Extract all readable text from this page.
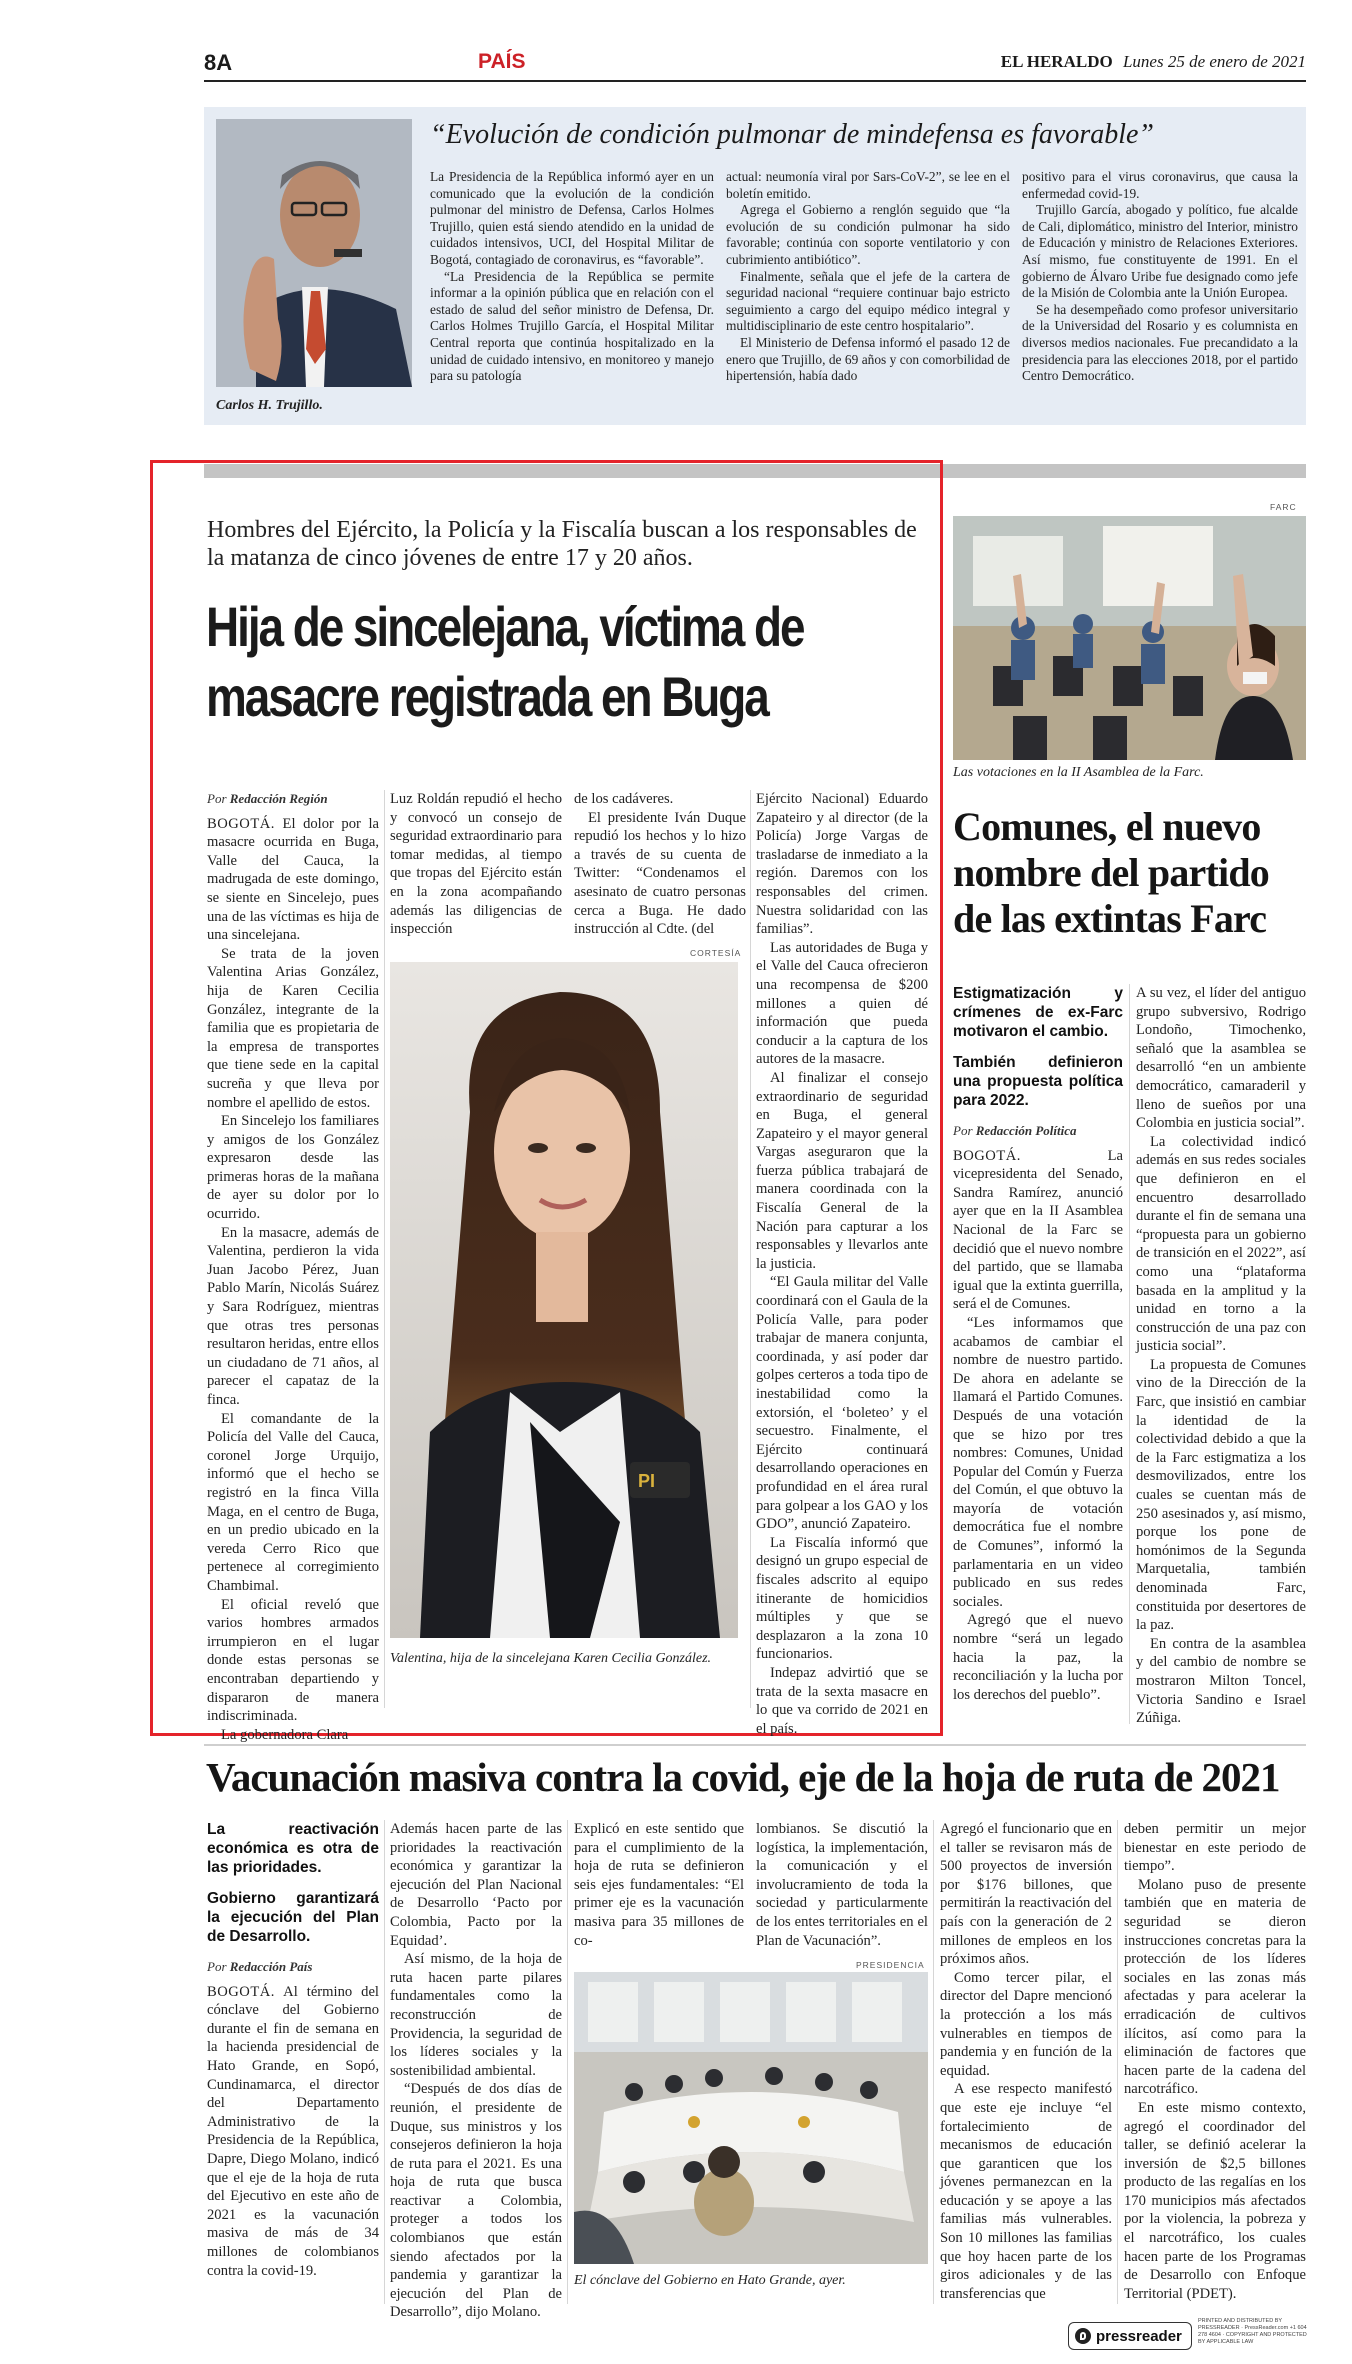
8A	PAÍS	EL HERALDO Lunes 25 de enero de 2021
Carlos H. Trujillo.
“Evolución de condición pulmonar de mindefensa es favorable”

La Presidencia de la República informó ayer en un comunicado que la evolución de la condición pulmonar del ministro de Defensa, Carlos Holmes Trujillo, quien está siendo atendido en la unidad de cuidados intensivos, UCI, del Hospital Militar de Bogotá, contagiado de coronavirus, es “favorable”.

“La Presidencia de la República se permite informar a la opinión pública que en relación con el estado de salud del señor ministro de Defensa, Dr. Carlos Holmes Trujillo García, el Hospital Militar Central reporta que continúa hospitalizado en la unidad de cuidado intensivo, en monitoreo y manejo para su patología

actual: neumonía viral por Sars-CoV-2”, se lee en el boletín emitido.

Agrega el Gobierno a renglón seguido que “la evolución de su condición pulmonar ha sido favorable; continúa con soporte ventilatorio y con cubrimiento antibiótico”.

Finalmente, señala que el jefe de la cartera de seguridad nacional “requiere continuar bajo estricto seguimiento a cargo del equipo médico integral y multidisciplinario de este centro hospitalario”.

El Ministerio de Defensa informó el pasado 12 de enero que Trujillo, de 69 años y con comorbilidad de hipertensión, había dado

positivo para el virus coronavirus, que causa la enfermedad covid-19.

Trujillo García, abogado y político, fue alcalde de Cali, diplomático, ministro del Interior, ministro de Educación y ministro de Relaciones Exteriores. Así mismo, fue constituyente de 1991. En el gobierno de Álvaro Uribe fue designado como jefe de la Misión de Colombia ante la Unión Europea.

Se ha desempeñado como profesor universitario de la Universidad del Rosario y es columnista en diversos medios nacionales. Fue precandidato a la presidencia para las elecciones 2018, por el partido Centro Democrático.

Hombres del Ejército, la Policía y la Fiscalía buscan a los responsables de la matanza de cinco jóvenes de entre 17 y 20 años.
Hija de sincelejana, víctima de
masacre registrada en Buga
Por Redacción Región

BOGOTÁ. El dolor por la masacre ocurrida en Buga, Valle del Cauca, la madrugada de este domingo, se siente en Sincelejo, pues una de las víctimas es hija de una sincelejana.

Se trata de la joven Valentina Arias González, hija de Karen Cecilia González, integrante de la familia que es propietaria de la empresa de transportes que tiene sede en la capital sucreña y que lleva por nombre el apellido de estos.

En Sincelejo los familiares y amigos de los González expresaron desde las primeras horas de la mañana de ayer su dolor por lo ocurrido.

En la masacre, además de Valentina, perdieron la vida Juan Jacobo Pérez, Juan Pablo Marín, Nicolás Suárez y Sara Rodríguez, mientras que otras tres personas resultaron heridas, entre ellos un ciudadano de 71 años, al parecer el capataz de la finca.

El comandante de la Policía del Valle del Cauca, coronel Jorge Urquijo, informó que el hecho se registró en la finca Villa Maga, en el centro de Buga, en un predio ubicado en la vereda Cerro Rico que pertenece al corregimiento Chambimal.

El oficial reveló que varios hombres armados irrumpieron en el lugar donde estas personas se encontraban departiendo y dispararon de manera indiscriminada.

La gobernadora Clara

Luz Roldán repudió el hecho y convocó un consejo de seguridad extraordinario para tomar medidas, al tiempo que tropas del Ejército están en la zona acompañando además las diligencias de inspección

de los cadáveres.

El presidente Iván Duque repudió los hechos y lo hizo a través de su cuenta de Twitter: “Condenamos el asesinato de cuatro personas cerca a Buga. He dado instrucción al Cdte. (del

CORTESÍA
PI
Valentina, hija de la sincelejana Karen Cecilia González.

Ejército Nacional) Eduardo Zapateiro y al director (de la Policía) Jorge Vargas de trasladarse de inmediato a la región. Daremos con los responsables del crimen. Nuestra solidaridad con las familias”.

Las autoridades de Buga y el Valle del Cauca ofrecieron una recompensa de $200 millones a quien dé información que pueda conducir a la captura de los autores de la masacre.

Al finalizar el consejo extraordinario de seguridad en Buga, el general Zapateiro y el mayor general Vargas aseguraron que la fuerza pública trabajará de manera coordinada con la Fiscalía General de la Nación para capturar a los responsables y llevarlos ante la justicia.

“El Gaula militar del Valle coordinará con el Gaula de la Policía Valle, para poder trabajar de manera conjunta, coordinada, y así poder dar golpes certeros a toda tipo de inestabilidad como la extorsión, el ‘boleteo’ y el secuestro. Finalmente, el Ejército continuará desarrollando operaciones en profundidad en el área rural para golpear a los GAO y los GDO”, anunció Zapateiro.

La Fiscalía informó que designó un grupo especial de fiscales adscrito al equipo itinerante de homicidios múltiples y que se desplazaron a la zona 10 funcionarios.

Indepaz advirtió que se trata de la sexta masacre en lo que va corrido de 2021 en el país.

FARC
Las votaciones en la II Asamblea de la Farc.
Comunes, el nuevo nombre del partido de las extintas Farc
Estigmatización y crímenes de ex-Farc motivaron el cambio.
También definieron una propuesta política para 2022.
Por Redacción Política

BOGOTÁ.	La vicepresidenta del Senado, Sandra Ramírez, anunció ayer que en la II Asamblea Nacional de la Farc se decidió que el nuevo nombre del partido, que se llamaba igual que la extinta guerrilla, será el de Comunes.

“Les informamos que acabamos de cambiar el nombre de nuestro partido. De ahora en adelante se llamará el Partido Comunes. Después de una votación que se hizo por tres nombres: Comunes, Unidad Popular del Común y Fuerza del Común, el que obtuvo la mayoría de votación democrática fue el nombre de Comunes”, informó la parlamentaria en un video publicado en sus redes sociales.

Agregó que el nuevo nombre “será un legado hacia la paz, la reconciliación y la lucha por los derechos del pueblo”.

A su vez, el líder del antiguo grupo subversivo, Rodrigo Londoño, Timochenko, señaló que la asamblea se desarrolló “en un ambiente democrático, camaraderil y lleno de sueños por una Colombia en justicia social”.

La colectividad indicó además en sus redes sociales que definieron en el encuentro desarrollado durante el fin de semana una “propuesta para un gobierno de transición en el 2022”, así como una “plataforma basada en la amplitud y la unidad en torno a la construcción de una paz con justicia social”.

La propuesta de Comunes vino de la Dirección de la Farc, que insistió en cambiar la identidad de la colectividad debido a que la de la Farc estigmatiza a los desmovilizados, entre los cuales se cuentan más de 250 asesinados y, así mismo, porque los pone de homónimos de la Segunda Marquetalia, también denominada Farc, constituida por desertores de la paz.

En contra de la asamblea y del cambio de nombre se mostraron Milton Toncel, Victoria Sandino e Israel Zúñiga.

Vacunación masiva contra la covid, eje de la hoja de ruta de 2021
La reactivación económica es otra de las prioridades.
Gobierno garantizará la ejecución del Plan de Desarrollo.
Por Redacción País

BOGOTÁ. Al término del cónclave del Gobierno durante el fin de semana en la hacienda presidencial de Hato Grande, en Sopó, Cundinamarca, el director del Departamento Administrativo de la Presidencia de la República, Dapre, Diego Molano, indicó que el eje de la hoja de ruta del Ejecutivo en este año de 2021 es la vacunación masiva de más de 34 millones de colombianos contra la covid-19.

Además hacen parte de las prioridades la reactivación económica y garantizar la ejecución del Plan Nacional de Desarrollo ‘Pacto por Colombia, Pacto por la Equidad’.

Así mismo, de la hoja de ruta hacen parte pilares fundamentales como la reconstrucción de Providencia, la seguridad de los líderes sociales y la sostenibilidad ambiental.

“Después de dos días de reunión, el presidente de Duque, sus ministros y los consejeros definieron la hoja de ruta para el 2021. Es una hoja de ruta que busca reactivar a Colombia, proteger a todos los colombianos que están siendo afectados por la pandemia y garantizar la ejecución del Plan de Desarrollo”, dijo Molano.

Explicó en este sentido que para el cumplimiento de la hoja de ruta se definieron seis ejes fundamentales: “El primer eje es la vacunación masiva para 35 millones de co-

lombianos. Se discutió la logística, la implementación, la comunicación y el involucramiento de toda la sociedad y particularmente de los entes territoriales en el Plan de Vacunación”.

PRESIDENCIA
El cónclave del Gobierno en Hato Grande, ayer.

Agregó el funcionario que en el taller se revisaron más de 500 proyectos de inversión por $176 billones, que permitirán la reactivación del país con la generación de 2 millones de empleos en los próximos años.

Como tercer pilar, el director del Dapre mencionó la protección a los más vulnerables en tiempos de pandemia y en función de la equidad.

A ese respecto manifestó que este eje incluye “el fortalecimiento de mecanismos de educación que garanticen que los jóvenes permanezcan en la educación y se apoye a las familias más vulnerables. Son 10 millones las familias que hoy hacen parte de los giros adicionales y de las transferencias que

deben permitir un mejor bienestar en este periodo de tiempo”.

Molano puso de presente también que en materia de seguridad se dieron instrucciones concretas para la protección de los líderes sociales en las zonas más afectadas y para acelerar la erradicación de cultivos ilícitos, así como para la eliminación de factores que hacen parte de la cadena del narcotráfico.

En este mismo contexto, agregó el coordinador del taller, se definió acelerar la inversión de $2,5 billones producto de las regalías en los 170 municipios más afectados por la violencia, la pobreza y el narcotráfico, los cuales hacen parte de los Programas de Desarrollo con Enfoque Territorial (PDET).

pressreader
PRINTED AND DISTRIBUTED BY PRESSREADER · PressReader.com +1 604 278 4604 · COPYRIGHT AND PROTECTED BY APPLICABLE LAW
